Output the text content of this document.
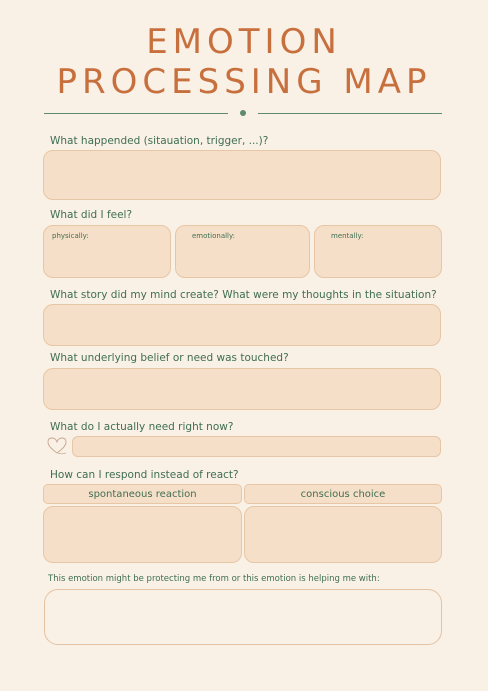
EMOTION
PROCESSING MAP

What happended (sitauation, trigger, ...)?

What did I feel?

physically:	emotionally:	mentally:

What story did my mind create? What were my thoughts in the situation?

What underlying belief or need was touched?

What do I actually need right now?

How can I respond instead of react?

spontaneous reaction	conscious choice

This emotion might be protecting me from or this emotion is helping me with:
